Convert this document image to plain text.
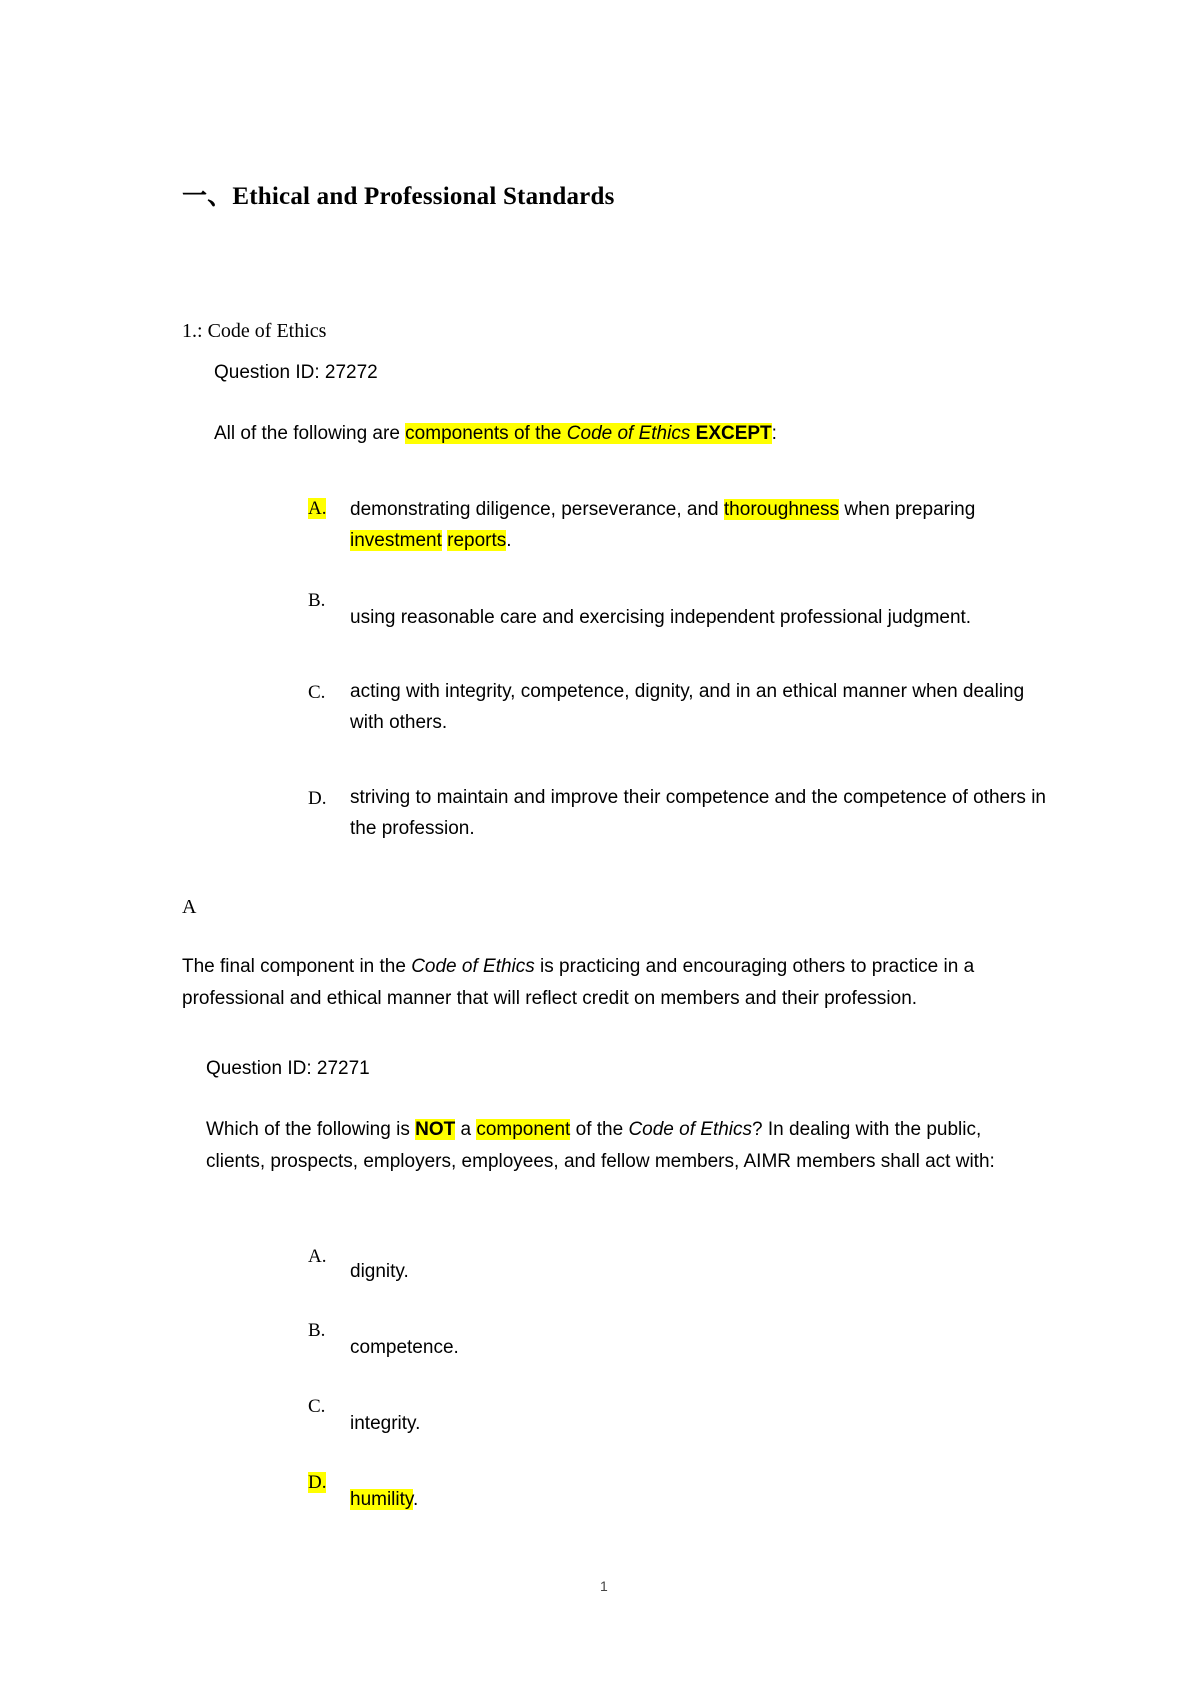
一、Ethical and Professional Standards
1.: Code of Ethics
Question ID: 27272
All of the following are components of the Code of Ethics EXCEPT:
A. demonstrating diligence, perseverance, and thoroughness when preparing
investment reports.
B.
using reasonable care and exercising independent professional judgment.
C. acting with integrity, competence, dignity, and in an ethical manner when dealing with others.
D. striving to maintain and improve their competence and the competence of others in the profession.
A
The final component in the Code of Ethics is practicing and encouraging others to practice in a professional and ethical manner that will reflect credit on members and their profession.
Question ID: 27271
Which of the following is NOT a component of the Code of Ethics? In dealing with the public, clients, prospects, employers, employees, and fellow members, AIMR members shall act with:
A.
dignity.
B.
competence.
C.
integrity.
D.
humility.
1
